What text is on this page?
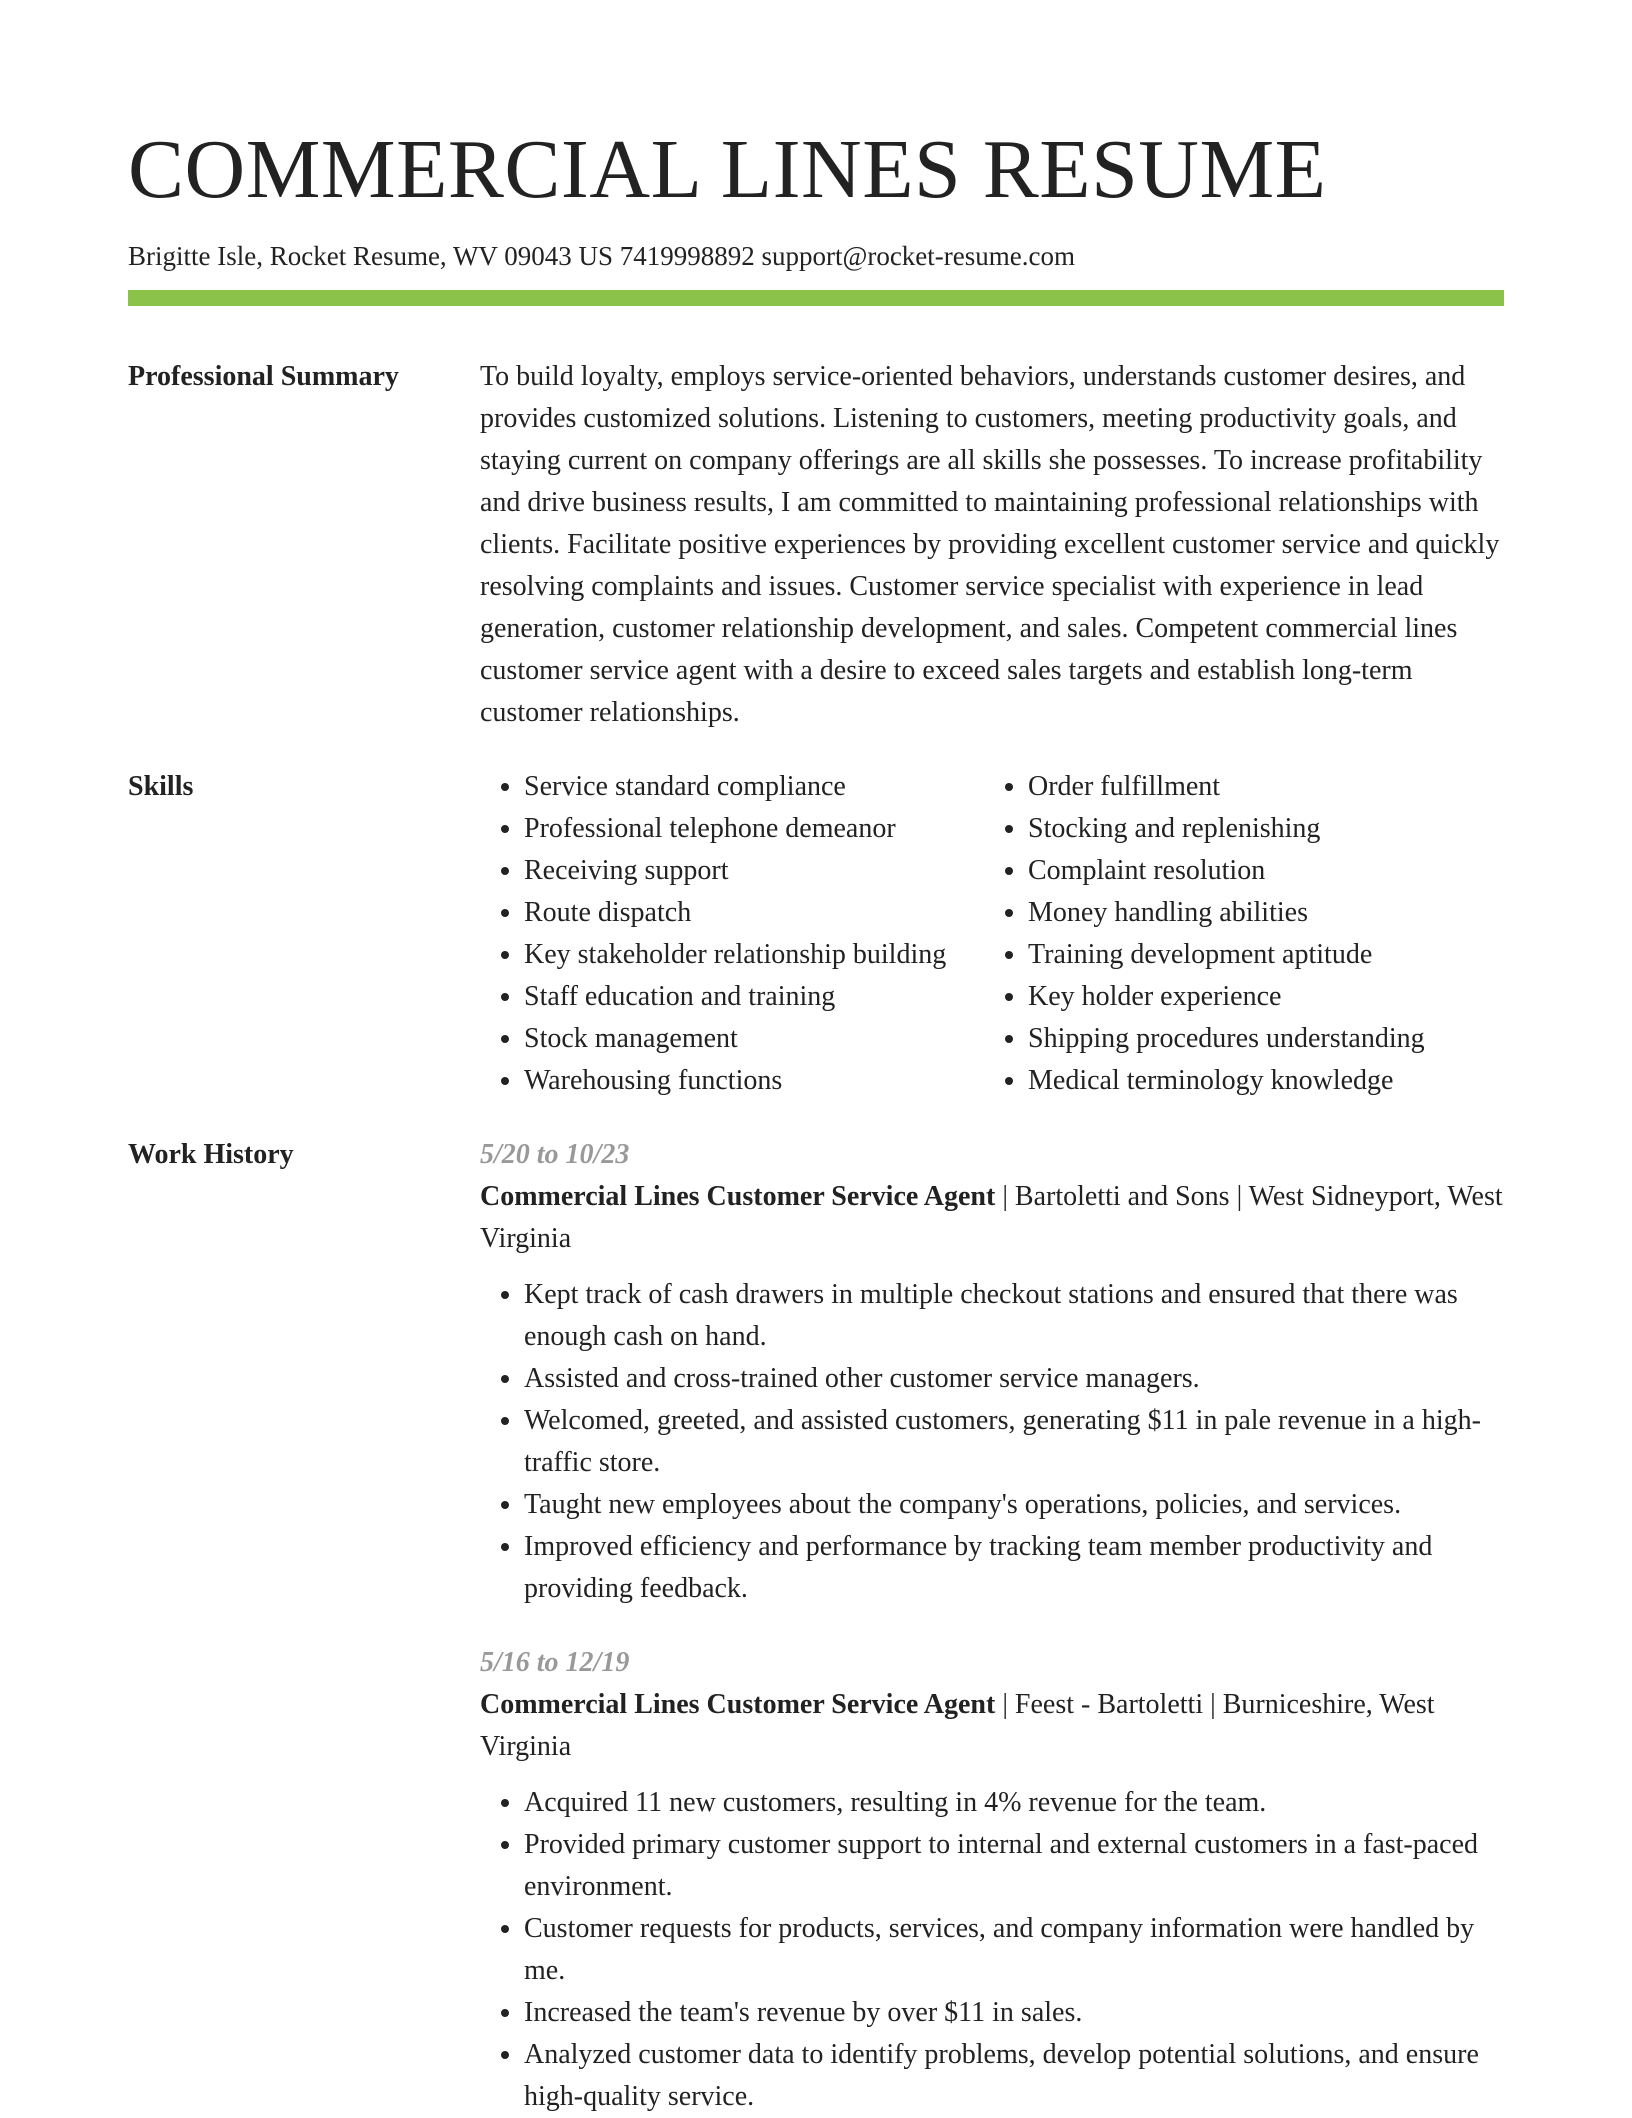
COMMERCIAL LINES RESUME
Brigitte Isle, Rocket Resume, WV 09043 US 7419998892 support@rocket-resume.com
Professional Summary	To build loyalty, employs service-oriented behaviors, understands customer desires, and provides customized solutions. Listening to customers, meeting productivity goals, and staying current on company offerings are all skills she possesses. To increase profitability and drive business results, I am committed to maintaining professional relationships with clients. Facilitate positive experiences by providing excellent customer service and quickly resolving complaints and issues. Customer service specialist with experience in lead generation, customer relationship development, and sales. Competent commercial lines customer service agent with a desire to exceed sales targets and establish long-term customer relationships.

Skills
•	Service standard compliance
• Professional telephone demeanor
• Receiving support
• Route dispatch
• Key stakeholder relationship building
• Staff education and training
• Stock management
• Warehousing functions
• Order fulfillment
• Stocking and replenishing
• Complaint resolution
• Money handling abilities
• Training development aptitude
• Key holder experience
• Shipping procedures understanding
• Medical terminology knowledge
Work History	5/20 to 10/23

Commercial Lines Customer Service Agent | Bartoletti and Sons | West Sidneyport, West Virginia

• Kept track of cash drawers in multiple checkout stations and ensured that there was enough cash on hand.
• Assisted and cross-trained other customer service managers.
• Welcomed, greeted, and assisted customers, generating $11 in pale revenue in a high-traffic store.
• Taught new employees about the company's operations, policies, and services.
• Improved efficiency and performance by tracking team member productivity and providing feedback.
5/16 to 12/19

Commercial Lines Customer Service Agent | Feest - Bartoletti | Burniceshire, West Virginia

• Acquired 11 new customers, resulting in 4% revenue for the team.
• Provided primary customer support to internal and external customers in a fast-paced environment.
• Customer requests for products, services, and company information were handled by me.
• Increased the team's revenue by over $11 in sales.
• Analyzed customer data to identify problems, develop potential solutions, and ensure high-quality service.
